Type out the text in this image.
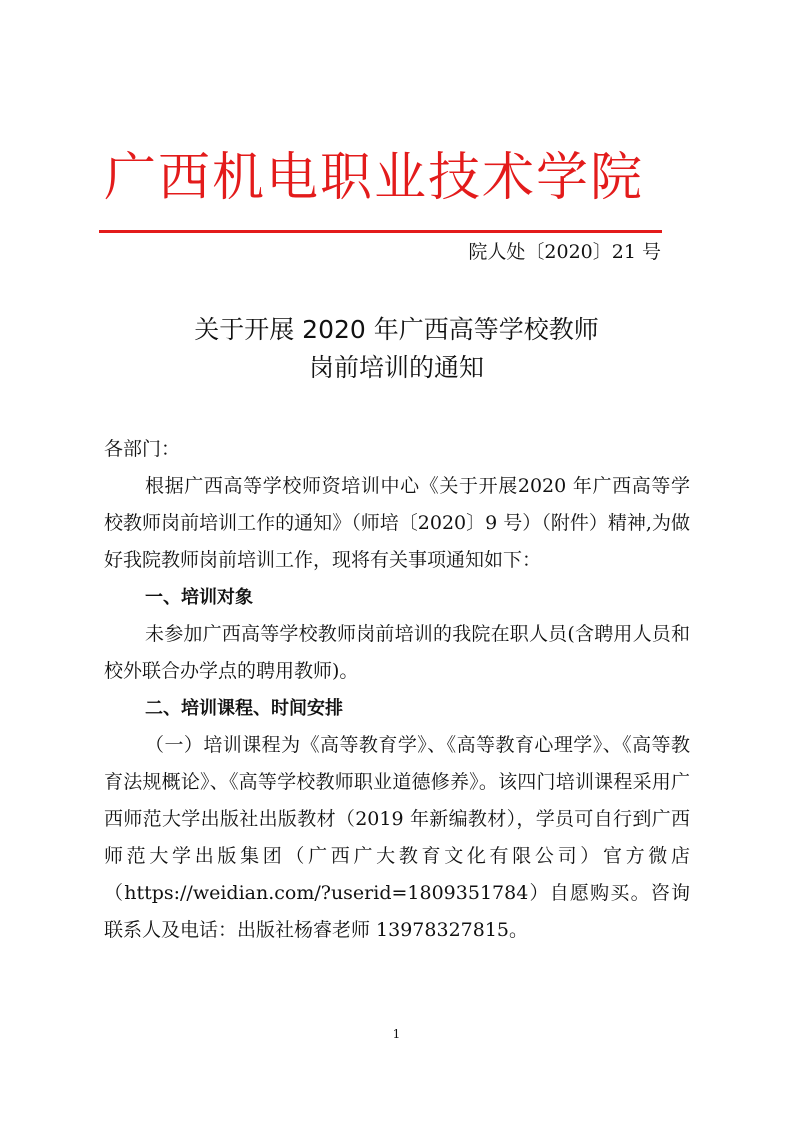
广西机电职业技术学院
院人处〔2020〕21 号
关于开展 2020 年广西高等学校教师
岗前培训的通知
各部门：
根据广西高等学校师资培训中心《关于开展2020 年广西高等学校教师岗前培训工作的通知》（师培〔2020〕9 号）（附件）精神,为做好我院教师岗前培训工作，现将有关事项通知如下：
一、培训对象
未参加广西高等学校教师岗前培训的我院在职人员(含聘用人员和校外联合办学点的聘用教师)。
二、培训课程、时间安排
（一）培训课程为《高等教育学》、《高等教育心理学》、《高等教育法规概论》、《高等学校教师职业道德修养》。该四门培训课程采用广西师范大学出版社出版教材（2019 年新编教材），学员可自行到广西师范大学出版集团（广西广大教育文化有限公司）官方微店（https://weidian.com/?userid=1809351784）自愿购买。咨询联系人及电话：出版社杨睿老师 13978327815。
1
